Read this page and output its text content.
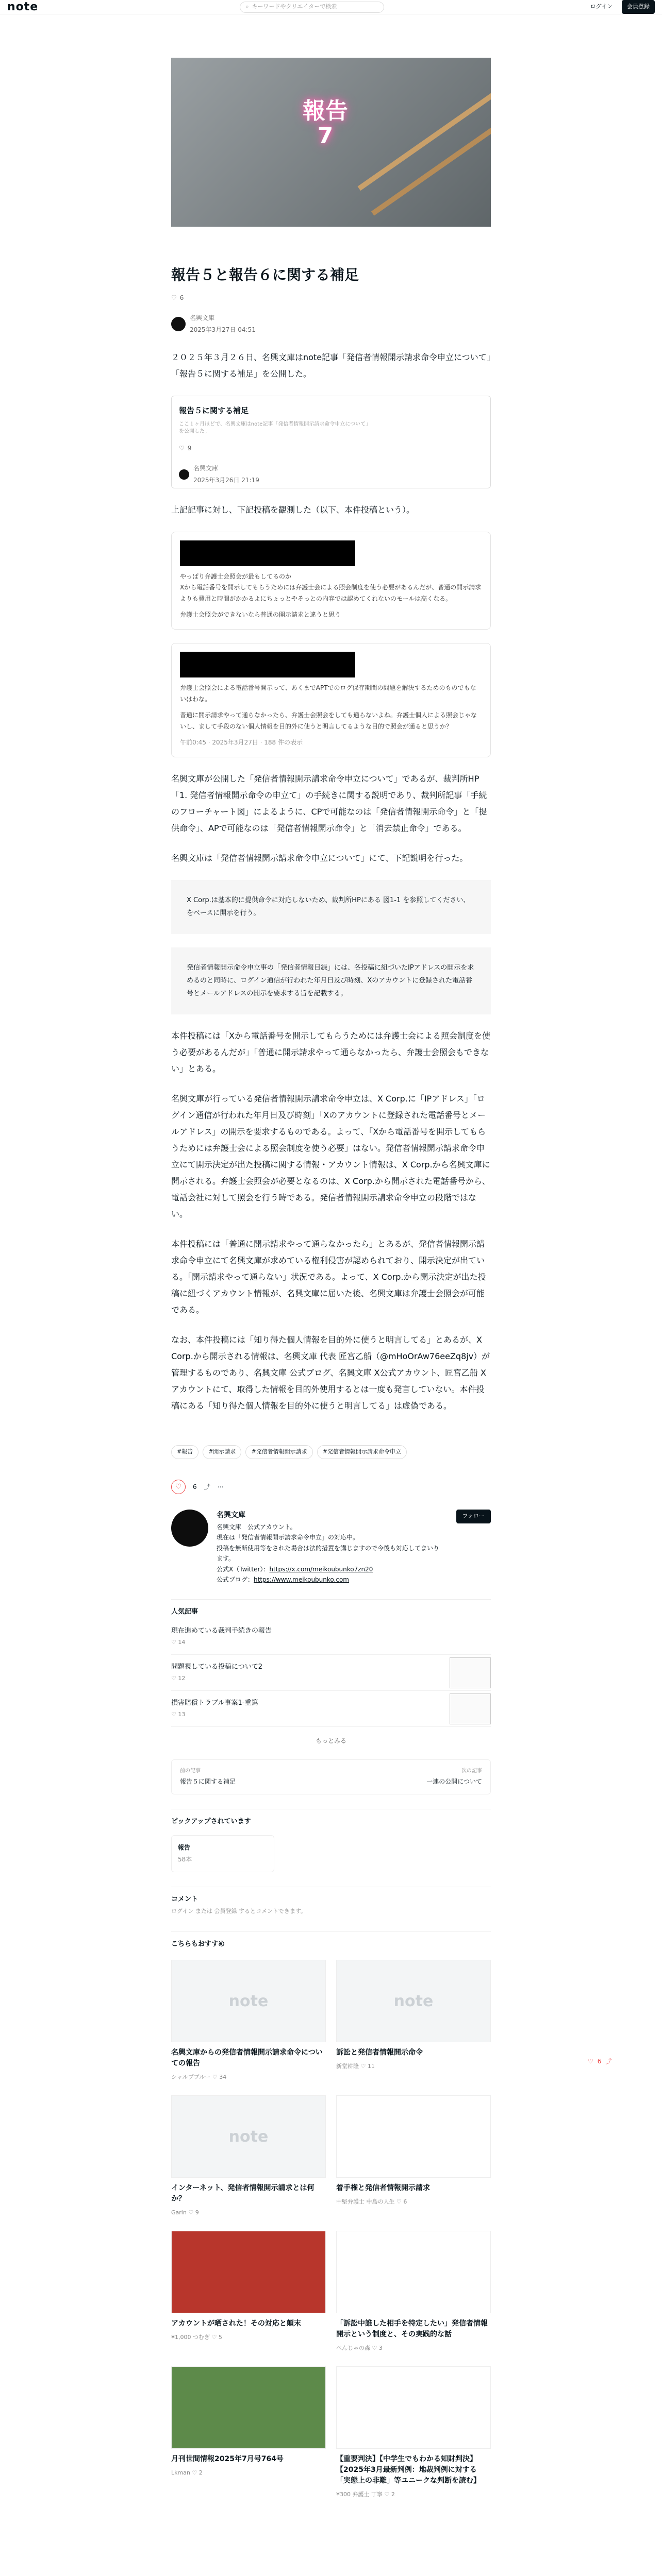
note	⌕ キーワードやクリエイターで検索	ログイン	会員登録
♡ 6 ⤴
報告
7
報告５と報告６に関する補足
♡ 6
名興文庫
2025年3月27日 04:51

２０２５年３月２６日、名興文庫はnote記事「発信者情報開示請求命令申立について」「報告５に関する補足」を公開した。

報告５に関する補足
ここ１ヶ月ほどで、名興文庫はnote記事「発信者情報開示請求命令申立について」を公開した。
♡ 9
名興文庫
2025年3月26日 21:19

上記記事に対し、下記投稿を観測した（以下、本件投稿という）。

やっぱり弁護士会照会が最もしてるのか
Xから電話番号を開示してもらうためには弁護士会による照会制度を使う必要があるんだが、普通の開示請求よりも費用と時間がかかるよにちょっとやそっとの内容では認めてくれないのモールは高くなる。
弁護士会照会ができないなら普通の開示請求と違うと思う
弁護士会照会による電話番号開示って、あくまでAPTでのログ保存期間の問題を解決するためのものでもないはわな。
普通に開示請求やって通らなかったら、弁護士会照会をしても通らないよね。弁護士個人による照会じゃないし、まして手段のない個人情報を目的外に使うと明言してるような目的で照会が通ると思うか？
午前0:45 · 2025年3月27日 · 188 件の表示

名興文庫が公開した「発信者情報開示請求命令申立について」であるが、裁判所HP「1. 発信者情報開示命令の申立て」の手続きに関する説明であり、裁判所記事「手続のフローチャート図」によるように、CPで可能なのは「発信者情報開示命令」と「提供命令」、APで可能なのは「発信者情報開示命令」と「消去禁止命令」である。

名興文庫は「発信者情報開示請求命令申立について」にて、下記説明を行った。

X Corp.は基本的に提供命令に対応しないため、裁判所HPにある 図1-1 を参照してください、をベースに開示を行う。
発信者情報開示命令申立事の「発信者情報目録」には、各投稿に紐づいたIPアドレスの開示を求めるのと同時に、ログイン通信が行われた年月日及び時刻、Xのアカウントに登録された電話番号とメールアドレスの開示を要求する旨を記載する。

本件投稿には「Xから電話番号を開示してもらうためには弁護士会による照会制度を使う必要があるんだが」「普通に開示請求やって通らなかったら、弁護士会照会もできない」とある。

名興文庫が行っている発信者情報開示請求命令申立は、X Corp.に「IPアドレス」「ログイン通信が行われた年月日及び時刻」「Xのアカウントに登録された電話番号とメールアドレス」の開示を要求するものである。よって、「Xから電話番号を開示してもらうためには弁護士会による照会制度を使う必要」はない。発信者情報開示請求命令申立にて開示決定が出た投稿に関する情報・アカウント情報は、X Corp.から名興文庫に開示される。弁護士会照会が必要となるのは、X Corp.から開示された電話番号から、電話会社に対して照会を行う時である。発信者情報開示請求命令申立の段階ではない。

本件投稿には「普通に開示請求やって通らなかったら」とあるが、発信者情報開示請求命令申立にて名興文庫が求めている権利侵害が認められており、開示決定が出ている。「開示請求やって通らない」状況である。よって、X Corp.から開示決定が出た投稿に紐づくアカウント情報が、名興文庫に届いた後、名興文庫は弁護士会照会が可能である。

なお、本件投稿には「知り得た個人情報を目的外に使うと明言してる」とあるが、X Corp.から開示される情報は、名興文庫 代表 匠宮乙船（@mHoOrAw76eeZq8jv）が管理するものであり、名興文庫 公式ブログ、名興文庫 X公式アカウント、匠宮乙船 Xアカウントにて、取得した情報を目的外使用するとは一度も発言していない。本件投稿にある「知り得た個人情報を目的外に使うと明言してる」は虚偽である。

#報告	#開示請求	#発信者情報開示請求	#発信者情報開示請求命令申立
♡	6 ⤴ ⋯
名興文庫
名興文庫　公式アカウント。
現在は「発信者情報開示請求命令申立」の対応中。
投稿を無断使用等をされた場合は法的措置を講じますので今後も対応してまいります。
公式X（Twitter）：https://x.com/meikoubunko7zn20
公式ブログ：https://www.meikoubunko.com
フォロー
人気記事
現在進めている裁判手続きの報告
♡ 14
問題視している投稿について2
♡ 12
損害賠償トラブル事案1-重篤
♡ 13
もっとみる
前の記事
報告５に関する補足
次の記事
一連の公開について
ピックアップされています
報告
58本
コメント
ログイン または 会員登録 するとコメントできます。
こちらもおすすめ
note
名興文庫からの発信者情報開示請求命令についての報告
シャルプブルー ♡ 34
note
訴訟と発信者情報開示命令
新堂耕隆 ♡ 11
note
インターネット、発信者情報開示請求とは何か？
Garin ♡ 9
着手権と発信者情報開示請求
中堅弁護士 中島の人生 ♡ 6
アカウントが晒された！その対応と顛末
¥1,000 つむぎ ♡ 5
「訴訟中誰した相手を特定したい」発信者情報開示という制度と、その実践的な話
ぺんじゃの森 ♡ 3
月刊世間情報2025年7月号764号
Lkman ♡ 2
【重要判決】【中学生でもわかる知財判決】【2025年3月最新判例：地裁判例に対する「実態上の非難」等ユニークな判断を読む】
¥300 弁護士 丁寧 ♡ 2
